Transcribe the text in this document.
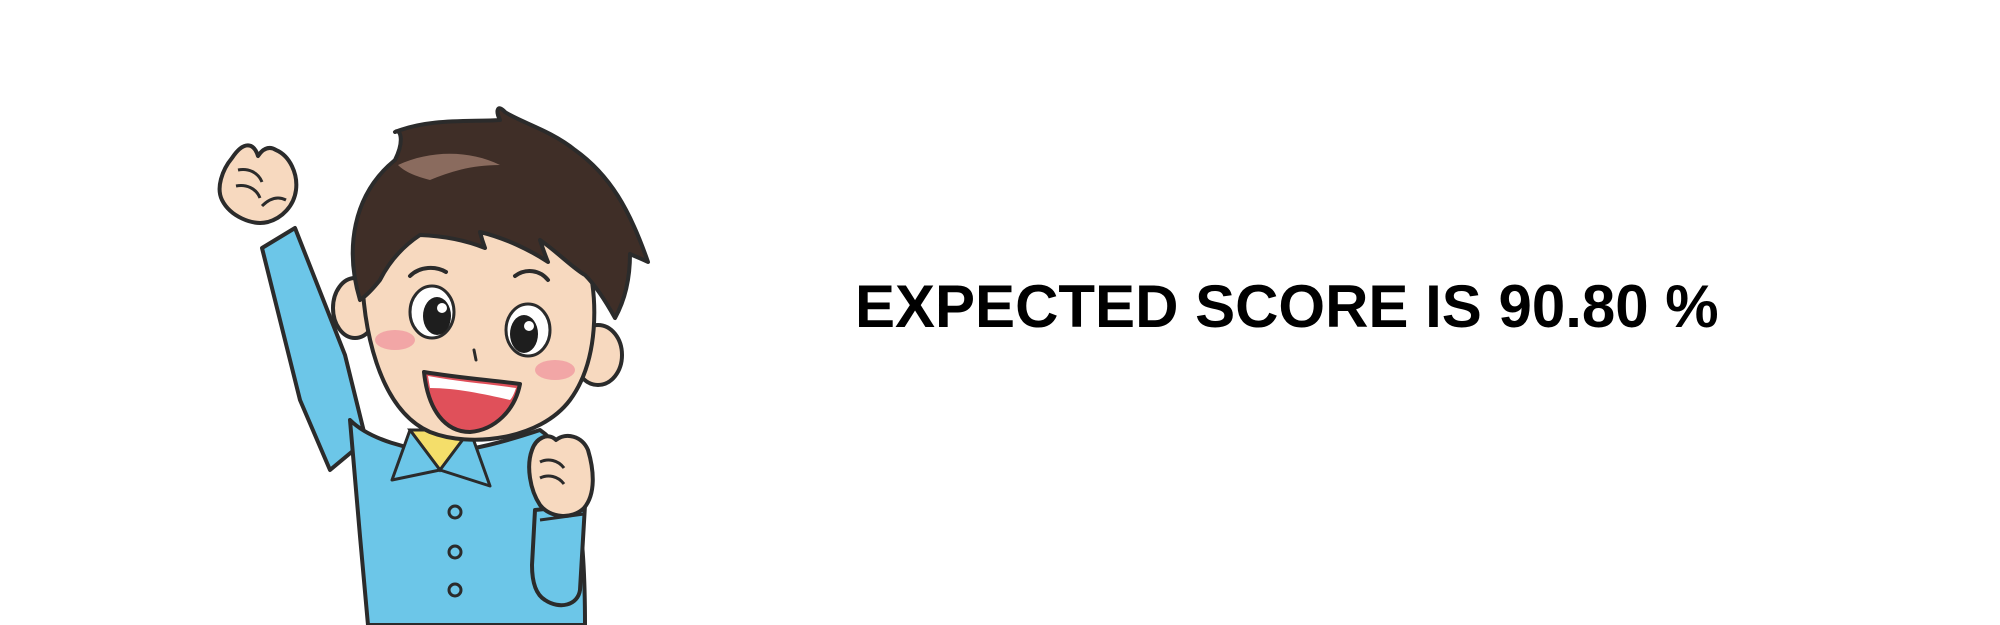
EXPECTED SCORE IS 90.80 %
